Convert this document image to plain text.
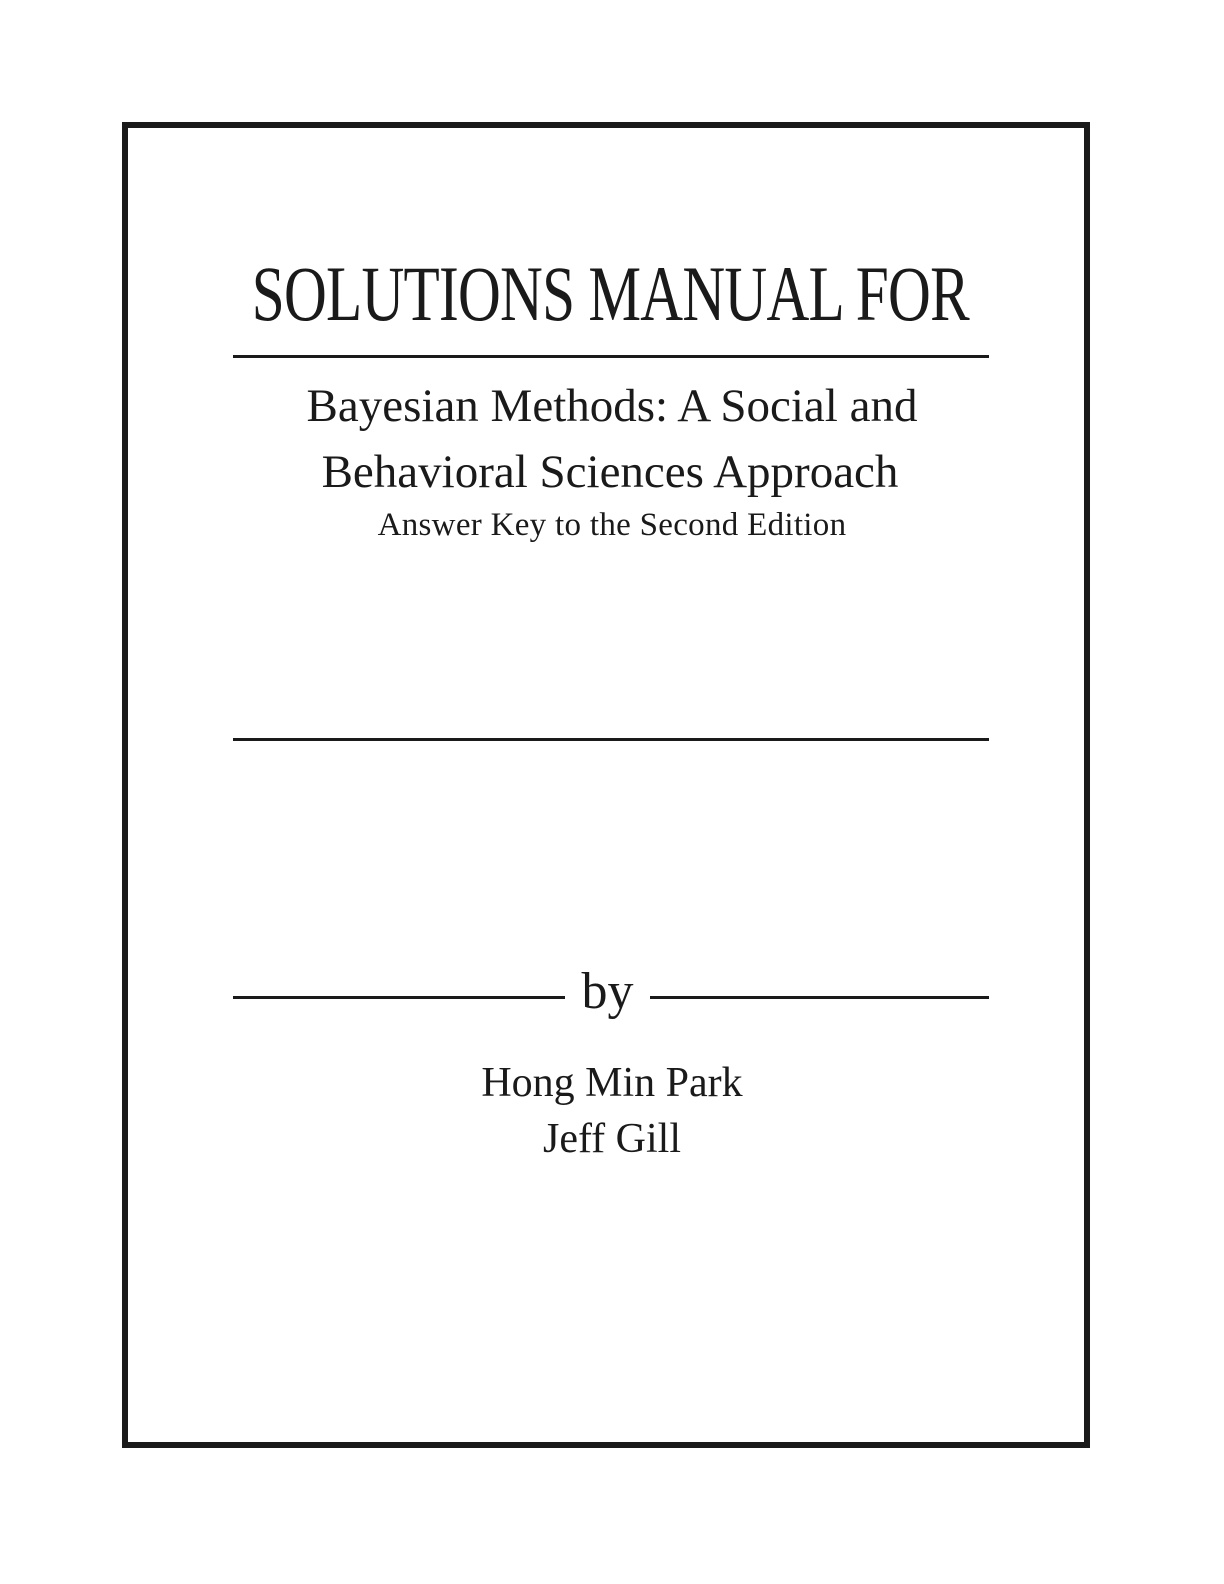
SOLUTIONS MANUAL FOR
Bayesian Methods: A Social and
Behavioral Sciences Approach
Answer Key to the Second Edition
by
Hong Min Park
Jeff Gill
